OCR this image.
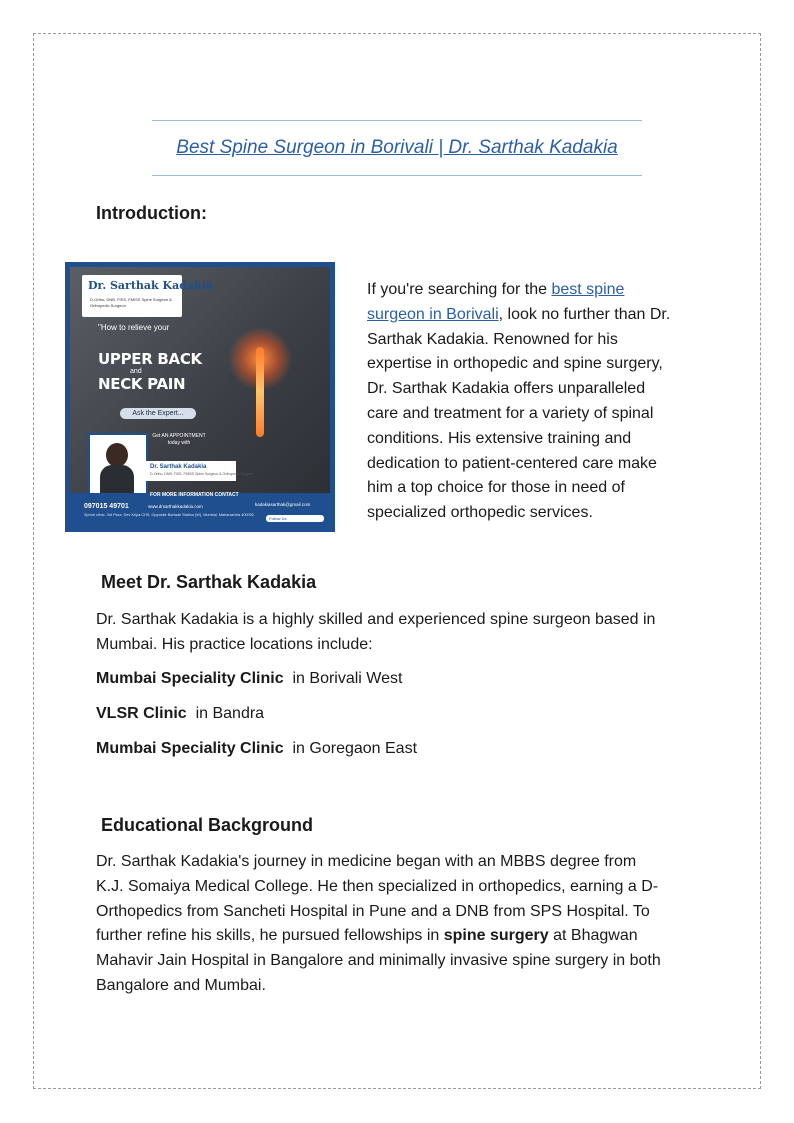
Best Spine Surgeon in Borivali | Dr. Sarthak Kadakia
Introduction:
Dr. Sarthak Kadakia
D-Ortho, DNB, FISS, FMISS Spine Surgeon & Orthopedic Surgeon
"How to relieve your
UPPER BACK
NECK PAIN
and
Ask the Expert...
Get AN APPOINTMENT today with
Dr. Sarthak Kadakia
D-Ortho, DNB, FISS, FMISS Spine Surgeon & Orthopedic Surgeon
FOR MORE INFORMATION CONTACT
097015 49701	www.drsarthakkadakia.com	kadakiasarthak@gmail.com
Sprine clinic, 3rd Floor, Dev Kripa CHS, Opposite Boriwali Station (W), Mumbai, Maharashtra 400092
Follow Us
If you're searching for the best spine
surgeon in Borivali, look no further than Dr.
Sarthak Kadakia. Renowned for his
expertise in orthopedic and spine surgery,
Dr. Sarthak Kadakia offers unparalleled
care and treatment for a variety of spinal
conditions. His extensive training and
dedication to patient-centered care make
him a top choice for those in need of
specialized orthopedic services.
Meet Dr. Sarthak Kadakia
Dr. Sarthak Kadakia is a highly skilled and experienced spine surgeon based in
Mumbai. His practice locations include:
Mumbai Speciality Clinic in Borivali West
VLSR Clinic in Bandra
Mumbai Speciality Clinic in Goregaon East
Educational Background
Dr. Sarthak Kadakia's journey in medicine began with an MBBS degree from
K.J. Somaiya Medical College. He then specialized in orthopedics, earning a D-
Orthopedics from Sancheti Hospital in Pune and a DNB from SPS Hospital. To
further refine his skills, he pursued fellowships in spine surgery at Bhagwan
Mahavir Jain Hospital in Bangalore and minimally invasive spine surgery in both
Bangalore and Mumbai.
